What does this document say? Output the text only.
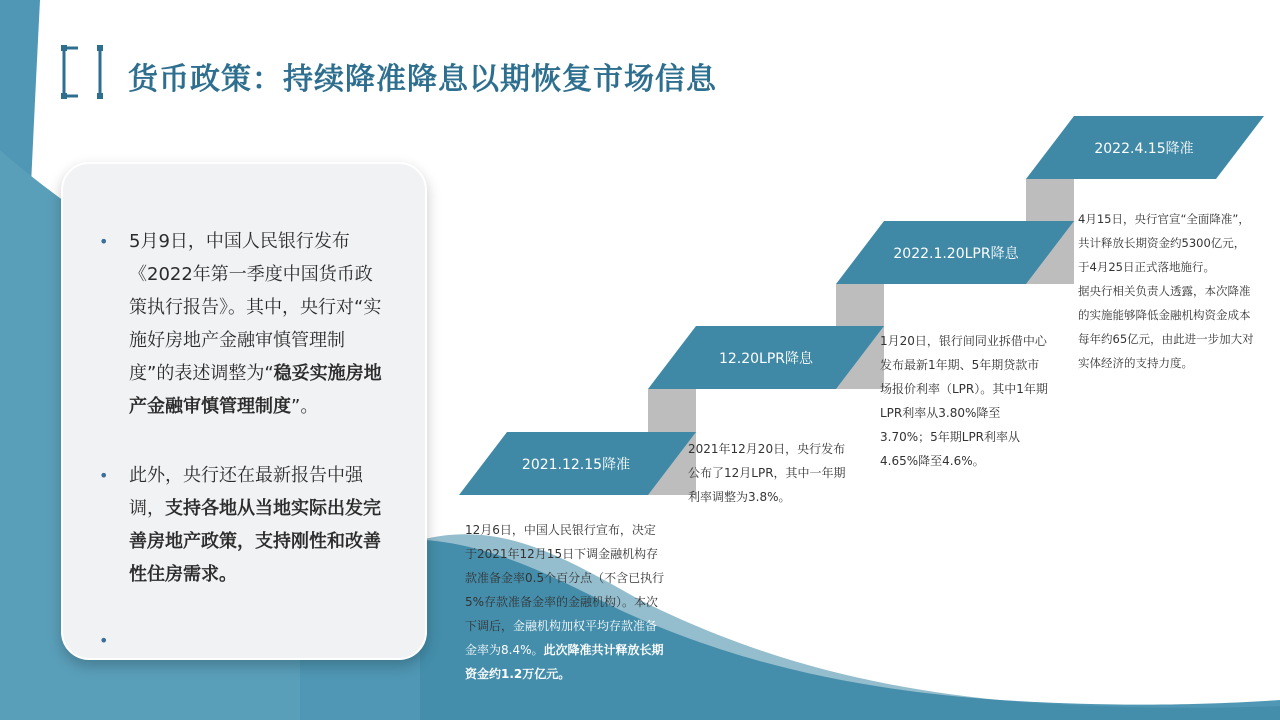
货币政策：持续降准降息以期恢复市场信息
• 5月9日，中国人民银行发布《2022年第一季度中国货币政策执行报告》。其中，央行对“实施好房地产金融审慎管理制度”的表述调整为“稳妥实施房地产金融审慎管理制度”。
• 此外，央行还在最新报告中强调，支持各地从当地实际出发完善房地产政策，支持刚性和改善性住房需求。
•
2021.12.15降准
12.20LPR降息
2022.1.20LPR降息
2022.4.15降准
12月6日，中国人民银行宣布，决定于2021年12月15日下调金融机构存款准备金率0.5个百分点（不含已执行5%存款准备金率的金融机构）。本次下调后，金融机构加权平均存款准备金率为8.4%。此次降准共计释放长期资金约1.2万亿元。
2021年12月20日，央行发布公布了12月LPR，其中一年期利率调整为3.8%。
1月20日，银行间同业拆借中心发布最新1年期、5年期贷款市场报价利率（LPR）。其中1年期LPR利率从3.80%降至3.70%；5年期LPR利率从4.65%降至4.6%。

4月15日，央行官宣“全面降准”，共计释放长期资金约5300亿元，于4月25日正式落地施行。

据央行相关负责人透露，本次降准的实施能够降低金融机构资金成本每年约65亿元，由此进一步加大对实体经济的支持力度。
